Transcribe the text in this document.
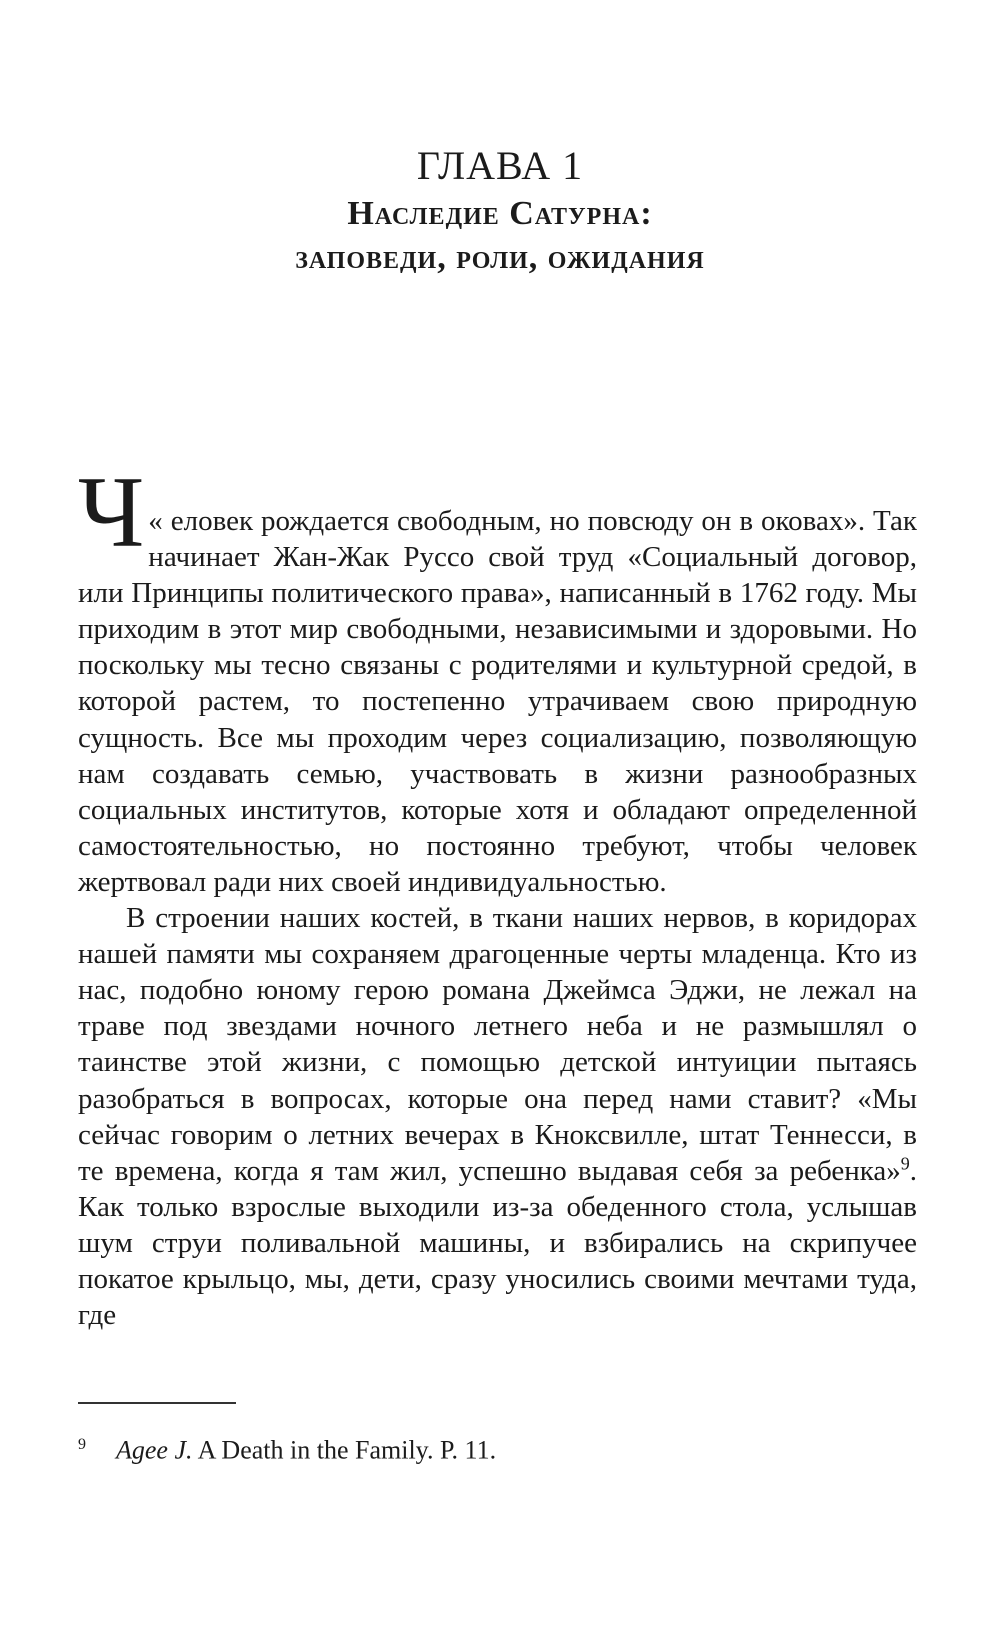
ГЛАВА 1
Наследие Сатурна:
заповеди, роли, ожидания
Ч « еловек рождается свободным, но повсюду он в оковах». Так начинает Жан-Жак Руссо свой труд «Социальный договор, или Принципы политического права», написанный в 1762 году. Мы приходим в этот мир свободными, независимыми и здоровыми. Но поскольку мы тесно связаны с родителями и культурной средой, в которой растем, то постепенно утрачиваем свою природную сущность. Все мы проходим через социализацию, позволяющую нам создавать семью, участвовать в жизни разнообразных социальных институтов, которые хотя и обладают определенной самостоятельностью, но постоянно требуют, чтобы человек жертвовал ради них своей индивидуальностью.
В строении наших костей, в ткани наших нервов, в коридорах нашей памяти мы сохраняем драгоценные черты младенца. Кто из нас, подобно юному герою романа Джеймса Эджи, не лежал на траве под звездами ночного летнего неба и не размышлял о таинстве этой жизни, с помощью детской интуиции пытаясь разобраться в вопросах, которые она перед нами ставит? «Мы сейчас говорим о летних вечерах в Кноксвилле, штат Теннесси, в те времена, когда я там жил, успешно выдавая себя за ребенка»$^9$. Как только взрослые выходили из-за обеденного стола, услышав шум струи поливальной машины, и взбирались на скрипучее покатое крыльцо, мы, дети, сразу уносились своими мечтами туда, где

$^9$ Agee J. A Death in the Family. P. 11.
